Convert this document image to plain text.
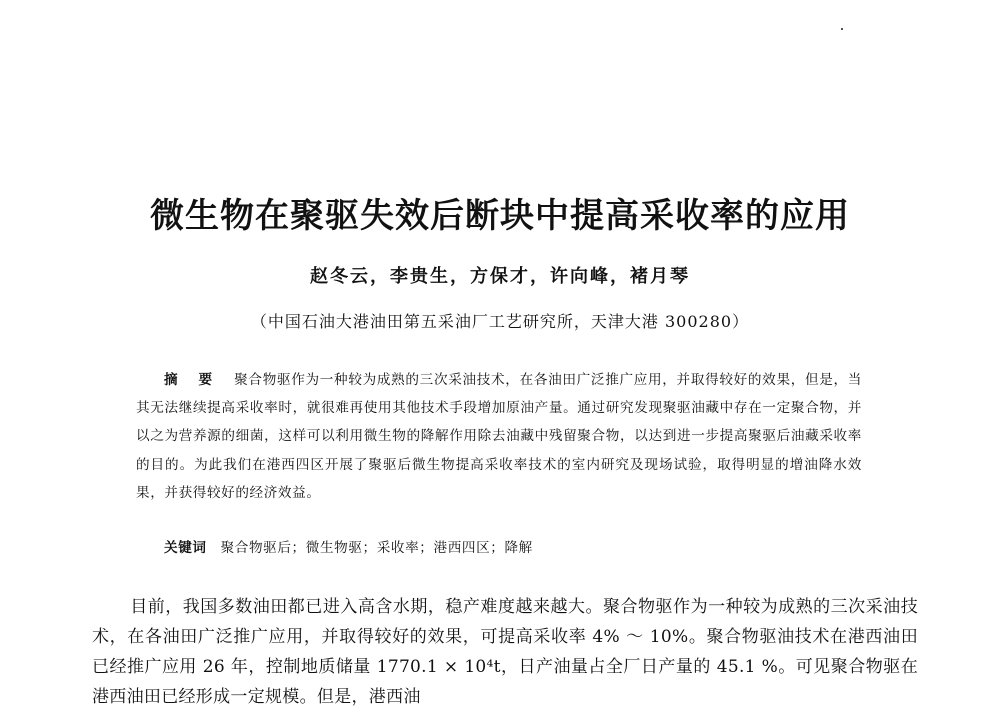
微生物在聚驱失效后断块中提高采收率的应用
赵冬云，李贵生，方保才，许向峰，褚月琴
（中国石油大港油田第五采油厂工艺研究所，天津大港 300280）
摘 要 聚合物驱作为一种较为成熟的三次采油技术，在各油田广泛推广应用，并取得较好的效果，但是，当其无法继续提高采收率时，就很难再使用其他技术手段增加原油产量。通过研究发现聚驱油藏中存在一定聚合物，并以之为营养源的细菌，这样可以利用微生物的降解作用除去油藏中残留聚合物，以达到进一步提高聚驱后油藏采收率的目的。为此我们在港西四区开展了聚驱后微生物提高采收率技术的室内研究及现场试验，取得明显的增油降水效果，并获得较好的经济效益。
关键词 聚合物驱后；微生物驱；采收率；港西四区；降解
目前，我国多数油田都已进入高含水期，稳产难度越来越大。聚合物驱作为一种较为成熟的三次采油技术，在各油田广泛推广应用，并取得较好的效果，可提高采收率 4% ～ 10%。聚合物驱油技术在港西油田已经推广应用 26 年，控制地质储量 1770.1 × 10⁴t，日产油量占全厂日产量的 45.1 %。可见聚合物驱在港西油田已经形成一定规模。但是，港西油
